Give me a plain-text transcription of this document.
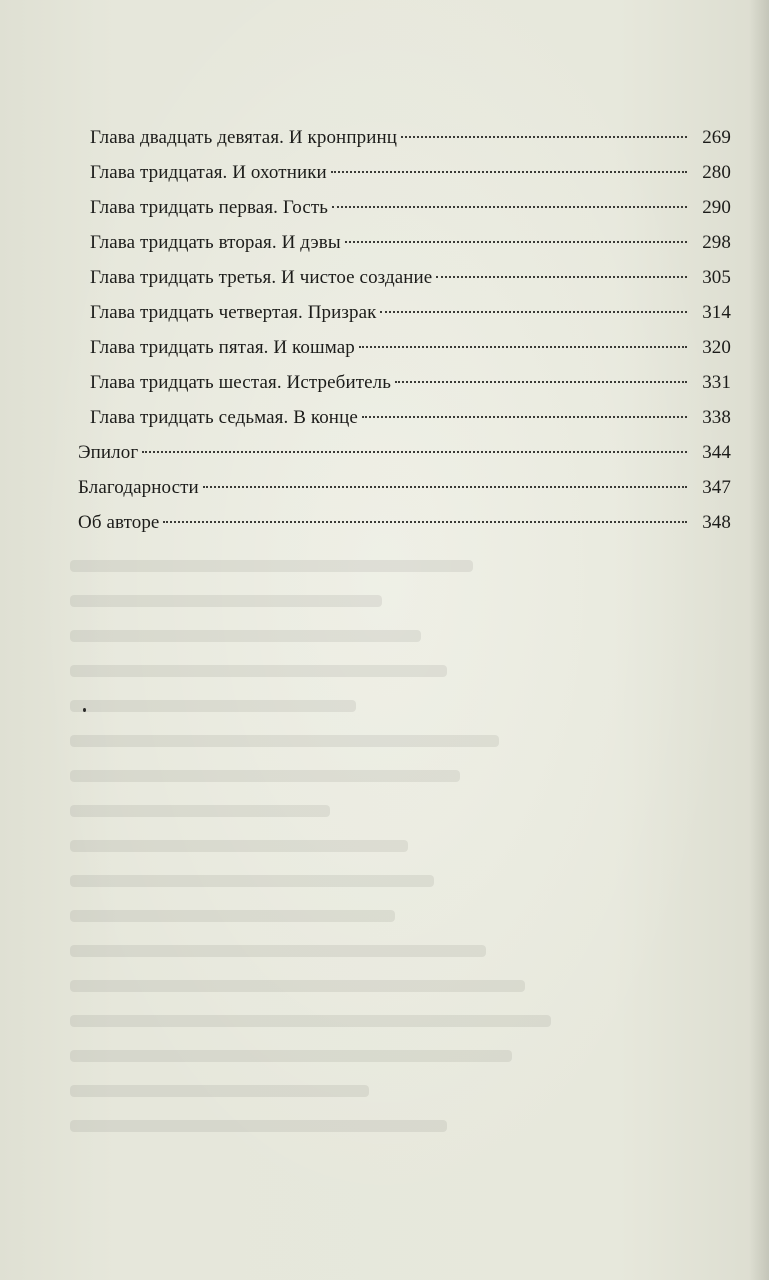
Глава двадцать девятая. И кронпринц	269
Глава тридцатая. И охотники	280
Глава тридцать первая. Гость	290
Глава тридцать вторая. И дэвы	298
Глава тридцать третья. И чистое создание	305
Глава тридцать четвертая. Призрак	314
Глава тридцать пятая. И кошмар	320
Глава тридцать шестая. Истребитель	331
Глава тридцать седьмая. В конце	338
Эпилог	344
Благодарности	347
Об авторе	348
